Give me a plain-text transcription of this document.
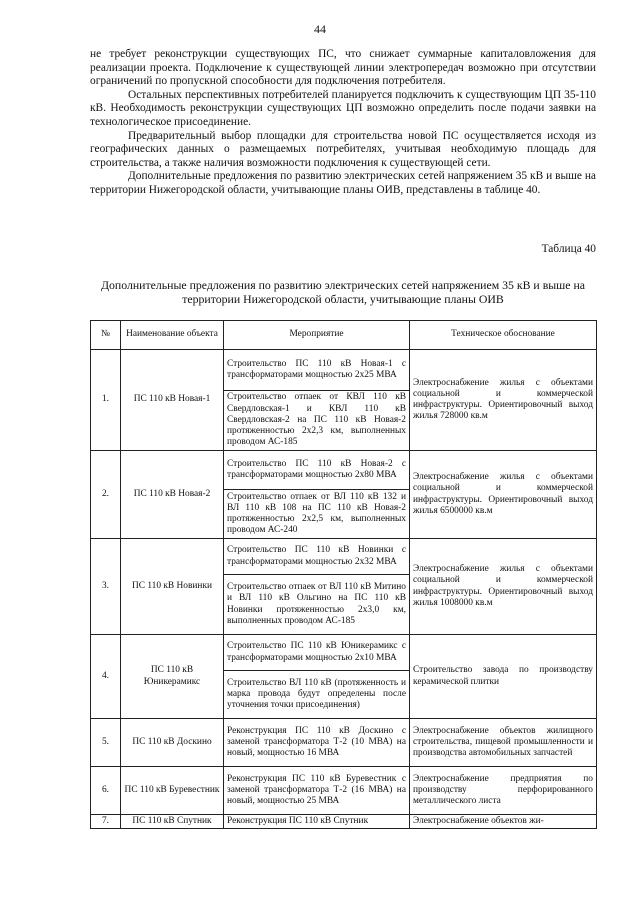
44

не требует реконструкции существующих ПС, что снижает суммарные капиталовложения для реализации проекта. Подключение к существующей линии электропередач возможно при отсутствии ограничений по пропускной способности для подключения потребителя.

Остальных перспективных потребителей планируется подключить к существующим ЦП 35-110 кВ. Необходимость реконструкции существующих ЦП возможно определить после подачи заявки на технологическое присоединение.

Предварительный выбор площадки для строительства новой ПС осуществляется исходя из географических данных о размещаемых потребителях, учитывая необходимую площадь для строительства, а также наличия возможности подключения к существующей сети.

Дополнительные предложения по развитию электрических сетей напряжением 35 кВ и выше на территории Нижегородской области, учитывающие планы ОИВ, представлены в таблице 40.

Таблица 40
Дополнительные предложения по развитию электрических сетей напряжением 35 кВ и выше на территории Нижегородской области, учитывающие планы ОИВ
№	Наименование объекта	Мероприятие	Техническое обоснование
1.	ПС 110 кВ Новая-1	Строительство ПС 110 кВ Новая-1 с трансформаторами мощностью 2x25 МВА	Электроснабжение жилья с объектами социальной и коммерческой инфраструктуры. Ориентировочный выход жилья 728000 кв.м
		Строительство отпаек от КВЛ 110 кВ Свердловская-1 и КВЛ 110 кВ Свердловская-2 на ПС 110 кВ Новая-2 протяженностью 2x2,3 км, выполненных проводом АС-185	
2.	ПС 110 кВ Новая-2	Строительство ПС 110 кВ Новая-2 с трансформаторами мощностью 2x80 МВА	Электроснабжение жилья с объектами социальной и коммерческой инфраструктуры. Ориентировочный выход жилья 6500000 кв.м
		Строительство отпаек от ВЛ 110 кВ 132 и ВЛ 110 кВ 108 на ПС 110 кВ Новая-2 протяженностью 2x2,5 км, выполненных проводом АС-240	
3.	ПС 110 кВ Новинки	Строительство ПС 110 кВ Новинки с трансформаторами мощностью 2x32 МВА	Электроснабжение жилья с объектами социальной и коммерческой инфраструктуры. Ориентировочный выход жилья 1008000 кв.м
		Строительство отпаек от ВЛ 110 кВ Митино и ВЛ 110 кВ Ольгино на ПС 110 кВ Новинки протяженностью 2x3,0 км, выполненных проводом АС-185	
4.	ПС 110 кВ Юникерамикс	Строительство ПС 110 кВ Юникерамикс с трансформаторами мощностью 2x10 МВА	Строительство завода по производству керамической плитки
		Строительство ВЛ 110 кВ (протяженность и марка провода будут определены после уточнения точки присоединения)	
5.	ПС 110 кВ Доскино	Реконструкция ПС 110 кВ Доскино с заменой трансформатора Т-2 (10 МВА) на новый, мощностью 16 МВА	Электроснабжение объектов жилищного строительства, пищевой промышленности и производства автомобильных запчастей
6.	ПС 110 кВ Буревестник	Реконструкция ПС 110 кВ Буревестник с заменой трансформатора Т-2 (16 МВА) на новый, мощностью 25 МВА	Электроснабжение предприятия по производству перфорированного металлического листа
7.	ПС 110 кВ Спутник	Реконструкция ПС 110 кВ Спутник	Электроснабжение объектов жи-
